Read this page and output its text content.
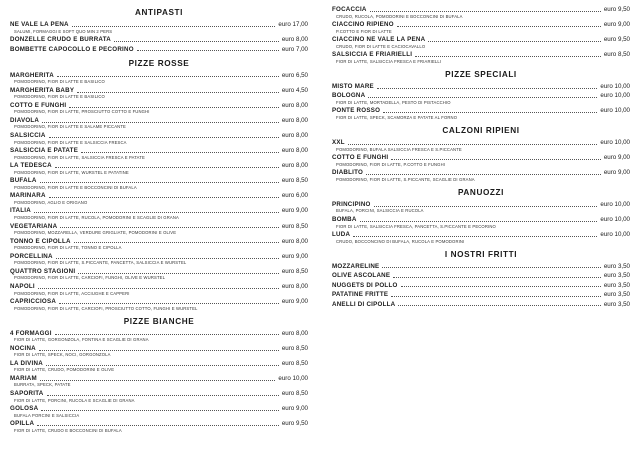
ANTIPASTI
NE VALE LA PENA	euro 17,00
SALUMI, FORMAGGI E SOFT QUO MIN 2 PERS
DONZELLE CRUDO E BURRATA	euro 8,00
BOMBETTE CAPOCOLLO E PECORINO	euro 7,00
PIZZE ROSSE
MARGHERITA	euro 6,50
POMODORINO, FIOR DI LATTE E BASILICO
MARGHERITA BABY	euro 4,50
POMODORINO, FIOR DI LATTE E BASILICO
COTTO E FUNGHI	euro 8,00
POMODORINO, FIOR DI LATTE, PROSCIUTTO COTTO E FUNGHI
DIAVOLA	euro 8,00
POMODORINO, FIOR DI LATTE E SALAME PICCANTE
SALSICCIA	euro 8,00
POMODORINO, FIOR DI LATTE E SALSICCIA FRESCA
SALSICCIA E PATATE	euro 8,00
POMODORINO, FIOR DI LATTE, SALSICCIA FRESCA E PATATE
LA TEDESCA	euro 8,00
POMODORINO, FIOR DI LATTE, WURSTEL E PATATINE
BUFALA	euro 8,50
POMODORINO, FIOR DI LATTE E BOCCONCINI DI BUFALA
MARINARA	euro 6,00
POMODORINO, AGLIO E ORIGANO
ITALIA	euro 9,00
POMODORINO, FIOR DI LATTE, RUCOLA, POMODORINI E SCAGLIE DI GRANA
VEGETARIANA	euro 8,50
POMODORINO, MOZZARELLA, VERDURE GRIGLIATE, POMODORINI E OLIVE
TONNO E CIPOLLA	euro 8,00
POMODORINO, FIOR DI LATTE, TONNO E CIPOLLA
PORCELLINA	euro 9,00
POMODORINO, FIOR DI LATTE, S.PICCANTE, PANCETTA, SALSICCIA E WURSTEL
QUATTRO STAGIONI	euro 8,50
POMODORINO, FIOR DI LATTE, CARCIOFI, FUNGHI, OLIVE E WURSTEL
NAPOLI	euro 8,00
POMODORINO, FIOR DI LATTE, ACCIUGHE E CAPPERI
CAPRICCIOSA	euro 9,00
POMODORINO, FIOR DI LATTE, CARCIOFI, PROSCIUTTO COTTO, FUNGHI E WURSTEL
PIZZE BIANCHE
4 FORMAGGI	euro 8,00
FIOR DI LATTE, GORGONZOLA, FONTINA E SCAGLIE DI GRANA
NOCINA	euro 8,50
FIOR DI LATTE, SPECK, NOCI, GORGONZOLA
LA DIVINA	euro 8,50
FIOR DI LATTE, CRUDO, POMODORINI E OLIVE
MARIAM	euro 10,00
BURRATA, SPECK, PATATE
SAPORITA	euro 8,50
FIOR DI LATTE, PORCINI, RUCOLA E SCAGLIE DI GRANA
GOLOSA	euro 9,00
BUFALA PORCINI E SALSICCIA
OPILLA	euro 9,50
FIOR DI LATTE, CRUDO E BOCCONCINI DI BUFALA
FOCACCIA	euro 9,50
CRUDO, RUCOLA, POMODORINI E BOCCONCINI DI BUFALA
CIACCINO RIPIENO	euro 9,00
P.COTTO E FIOR DI LATTE
CIACCINO NE VALE LA PENA	euro 9,50
CRUDO, FIOR DI LATTE E CACIOCAVALLO
SALSICCIA E FRIARIELLI	euro 8,50
FIOR DI LATTE, SALSICCIA FRESCA E FRIARIELLI
PIZZE SPECIALI
MISTO MARE	euro 10,00
BOLOGNA	euro 10,00
FIOR DI LATTE, MORTADELLA, PESTO DI PISTACCHIO
PONTE ROSSO	euro 10,00
FIOR DI LATTE, SPECK, SCAMORZA E PATATE AL FORNO
CALZONI RIPIENI
XXL	euro 10,00
POMODORINO, BUFALA SALSICCIA FRESCA E S.PICCANTE
COTTO E FUNGHI	euro 9,00
POMODORINO, FIOR DI LATTE, P.COTTO E FUNGHI
DIABLITO	euro 9,00
POMODORINO, FIOR DI LATTE, S.PICCANTE, SCAGLIE DI GRANA
PANUOZZI
PRINCIPINO	euro 10,00
BUFALA, PORCINI, SALSICCIA E RUCOLA
BOMBA	euro 10,00
FIOR DI LATTE, SALSICCIA FRESCA, PANCETTA, S.PICCANTE E PECORINO
LUDA	euro 10,00
CRUDO, BOCCONCINO DI BUFALA, RUCOLA E POMODORINI
I NOSTRI FRITTI
MOZZARELINE	euro 3,50
OLIVE ASCOLANE	euro 3,50
NUGGETS DI POLLO	euro 3,50
PATATINE FRITTE	euro 3,50
ANELLI DI CIPOLLA	euro 3,50
